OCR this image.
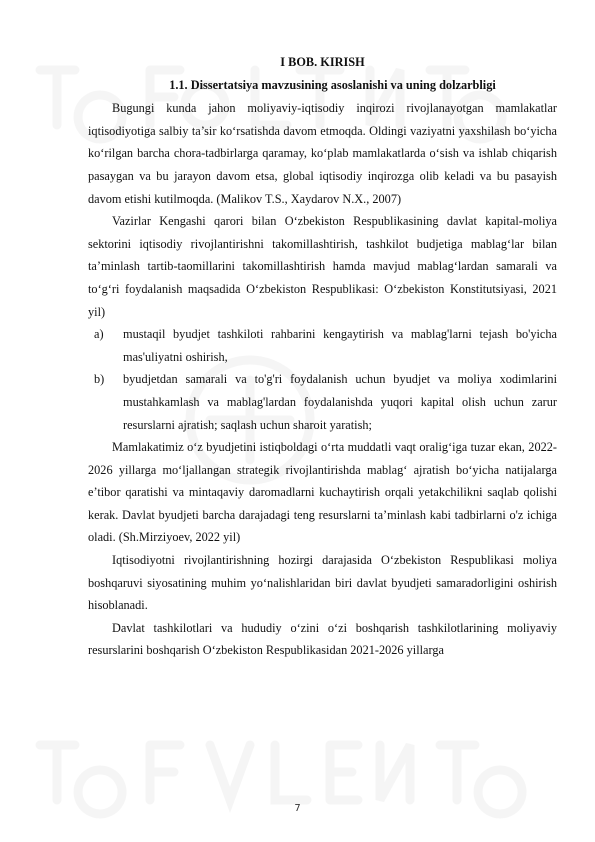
I BOB. KIRISH

1.1. Dissertatsiya mavzusining asoslanishi va uning dolzarbligi

Bugungi kunda jahon moliyaviy-iqtisodiy inqirozi rivojlanayotgan mamlakatlar iqtisodiyotiga salbiy ta’sir ko‘rsatishda davom etmoqda. Oldingi vaziyatni yaxshilash bo‘yicha ko‘rilgan barcha chora-tadbirlarga qaramay, ko‘plab mamlakatlarda o‘sish va ishlab chiqarish pasaygan va bu jarayon davom etsa, global iqtisodiy inqirozga olib keladi va bu pasayish davom etishi kutilmoqda. (Malikov T.S., Xaydarov N.X., 2007)

Vazirlar Kengashi qarori bilan O‘zbekiston Respublikasining davlat kapital-moliya sektorini iqtisodiy rivojlantirishni takomillashtirish, tashkilot budjetiga mablag‘lar bilan ta’minlash tartib-taomillarini takomillashtirish hamda mavjud mablag‘lardan samarali va to‘g‘ri foydalanish maqsadida O‘zbekiston Respublikasi: O‘zbekiston Konstitutsiyasi, 2021 yil)

a)	mustaqil byudjet tashkiloti rahbarini kengaytirish va mablag'larni tejash bo'yicha mas'uliyatni oshirish,
b)	byudjetdan samarali va to'g'ri foydalanish uchun byudjet va moliya xodimlarini mustahkamlash va mablag'lardan foydalanishda yuqori kapital olish uchun zarur resurslarni ajratish; saqlash uchun sharoit yaratish;

Mamlakatimiz o‘z byudjetini istiqboldagi o‘rta muddatli vaqt oralig‘iga tuzar ekan, 2022-2026 yillarga mo‘ljallangan strategik rivojlantirishda mablag‘ ajratish bo‘yicha natijalarga e’tibor qaratishi va mintaqaviy daromadlarni kuchaytirish orqali yetakchilikni saqlab qolishi kerak. Davlat byudjeti barcha darajadagi teng resurslarni ta’minlash kabi tadbirlarni o'z ichiga oladi. (Sh.Mirziyoev, 2022 yil)

Iqtisodiyotni rivojlantirishning hozirgi darajasida O‘zbekiston Respublikasi moliya boshqaruvi siyosatining muhim yo‘nalishlaridan biri davlat byudjeti samaradorligini oshirish hisoblanadi.

Davlat tashkilotlari va hududiy o‘zini o‘zi boshqarish tashkilotlarining moliyaviy resurslarini boshqarish O‘zbekiston Respublikasidan 2021-2026 yillarga

7
